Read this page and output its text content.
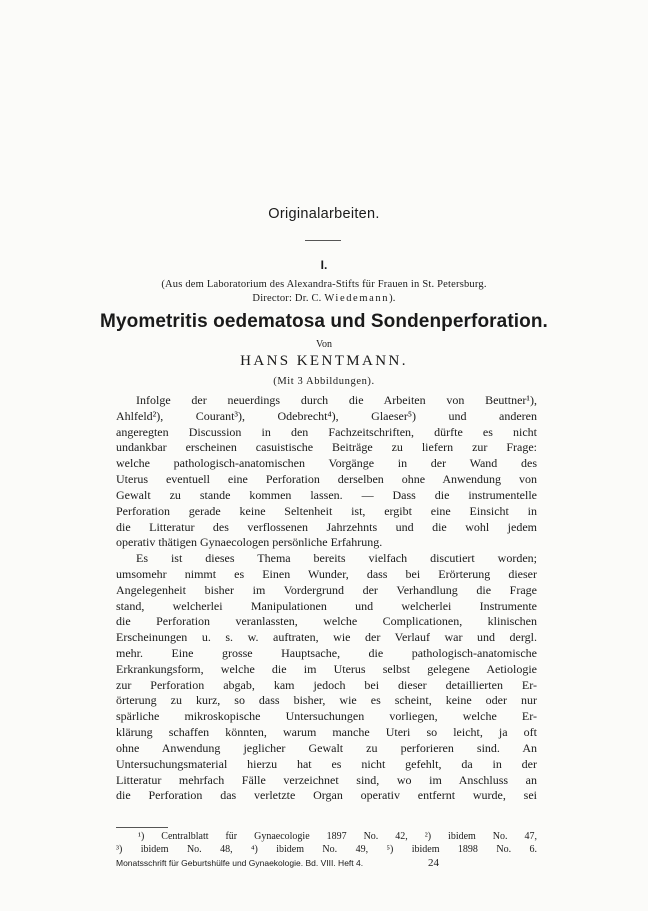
Originalarbeiten.
I.
(Aus dem Laboratorium des Alexandra-Stifts für Frauen in St. Petersburg.
Director: Dr. C. Wiedemann).
Myometritis oedematosa und Sondenperforation.
Von
HANS KENTMANN.
(Mit 3 Abbildungen).
Infolge der neuerdings durch die Arbeiten von Beuttner¹),
Ahlfeld²), Courant³), Odebrecht⁴), Glaeser⁵) und anderen
angeregten Discussion in den Fachzeitschriften, dürfte es nicht
undankbar erscheinen casuistische Beiträge zu liefern zur Frage:
welche pathologisch-anatomischen Vorgänge in der Wand des
Uterus eventuell eine Perforation derselben ohne Anwendung von
Gewalt zu stande kommen lassen. — Dass die instrumentelle
Perforation gerade keine Seltenheit ist, ergibt eine Einsicht in
die Litteratur des verflossenen Jahrzehnts und die wohl jedem
operativ thätigen Gynaecologen persönliche Erfahrung.
Es ist dieses Thema bereits vielfach discutiert worden;
umsomehr nimmt es Einen Wunder, dass bei Erörterung dieser
Angelegenheit bisher im Vordergrund der Verhandlung die Frage
stand, welcherlei Manipulationen und welcherlei Instrumente
die Perforation veranlassten, welche Complicationen, klinischen
Erscheinungen u. s. w. auftraten, wie der Verlauf war und dergl.
mehr. Eine grosse Hauptsache, die pathologisch-anatomische
Erkrankungsform, welche die im Uterus selbst gelegene Aetiologie
zur Perforation abgab, kam jedoch bei dieser detaillierten Er-
örterung zu kurz, so dass bisher, wie es scheint, keine oder nur
spärliche mikroskopische Untersuchungen vorliegen, welche Er-
klärung schaffen könnten, warum manche Uteri so leicht, ja oft
ohne Anwendung jeglicher Gewalt zu perforieren sind. An
Untersuchungsmaterial hierzu hat es nicht gefehlt, da in der
Litteratur mehrfach Fälle verzeichnet sind, wo im Anschluss an
die Perforation das verletzte Organ operativ entfernt wurde, sei
¹) Centralblatt für Gynaecologie 1897 No. 42, ²) ibidem No. 47,
³) ibidem No. 48, ⁴) ibidem No. 49, ⁵) ibidem 1898 No. 6.
Monatsschrift für Geburtshülfe und Gynaekologie. Bd. VIII. Heft 4.	24
